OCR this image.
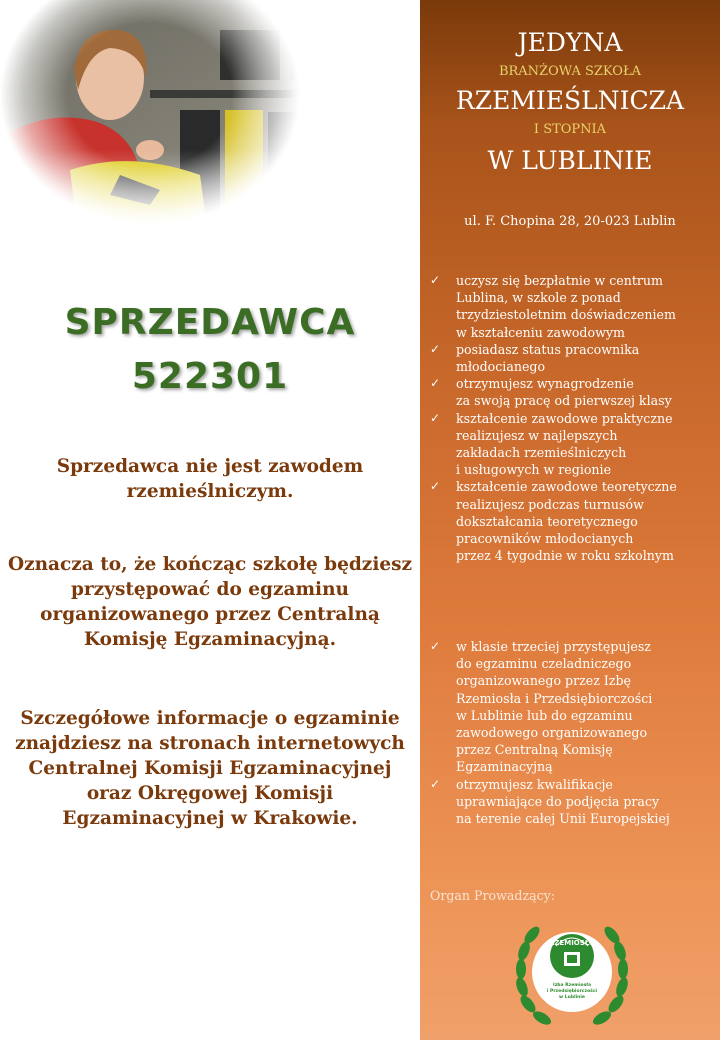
SPRZEDAWCA
522301
Sprzedawca nie jest zawodem rzemieślniczym.
Oznacza to, że kończąc szkołę będziesz przystępować do egzaminu organizowanego przez Centralną Komisję Egzaminacyjną.
Szczegółowe informacje o egzaminie znajdziesz na stronach internetowych Centralnej Komisji Egzaminacyjnej oraz Okręgowej Komisji Egzaminacyjnej w Krakowie.
JEDYNA
BRANŻOWA SZKOŁA
RZEMIEŚLNICZA
I STOPNIA
W LUBLINIE
ul. F. Chopina 28, 20-023 Lublin
✓ uczysz się bezpłatnie w centrum
Lublina, w szkole z ponad
trzydziestoletnim doświadczeniem
w kształceniu zawodowym
✓ posiadasz status pracownika
młodocianego
✓ otrzymujesz wynagrodzenie
za swoją pracę od pierwszej klasy
✓ kształcenie zawodowe praktyczne
realizujesz w najlepszych
zakładach rzemieślniczych
i usługowych w regionie
✓ kształcenie zawodowe teoretyczne
realizujesz podczas turnusów
dokształcania teoretycznego
pracowników młodocianych
przez 4 tygodnie w roku szkolnym
✓ w klasie trzeciej przystępujesz
do egzaminu czeladniczego
organizowanego przez Izbę
Rzemiosła i Przedsiębiorczości
w Lublinie lub do egzaminu
zawodowego organizowanego
przez Centralną Komisję
Egzaminacyjną
✓ otrzymujesz kwalifikacje
uprawniające do podjęcia pracy
na terenie całej Unii Europejskiej
Organ Prowadzący:
RZEMIOSŁO
Izba Rzemiosła
i Przedsiębiorczości
w Lublinie
